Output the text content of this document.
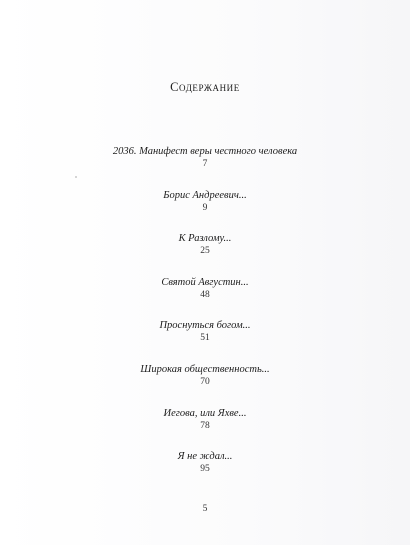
Содержание
2036. Манифест веры честного человека
7
Борис Андреевич...
9
К Разлому...
25
Святой Августин...
48
Проснуться богом...
51
Широкая общественность...
70
Иегова, или Яхве...
78
Я не ждал...
95
5
